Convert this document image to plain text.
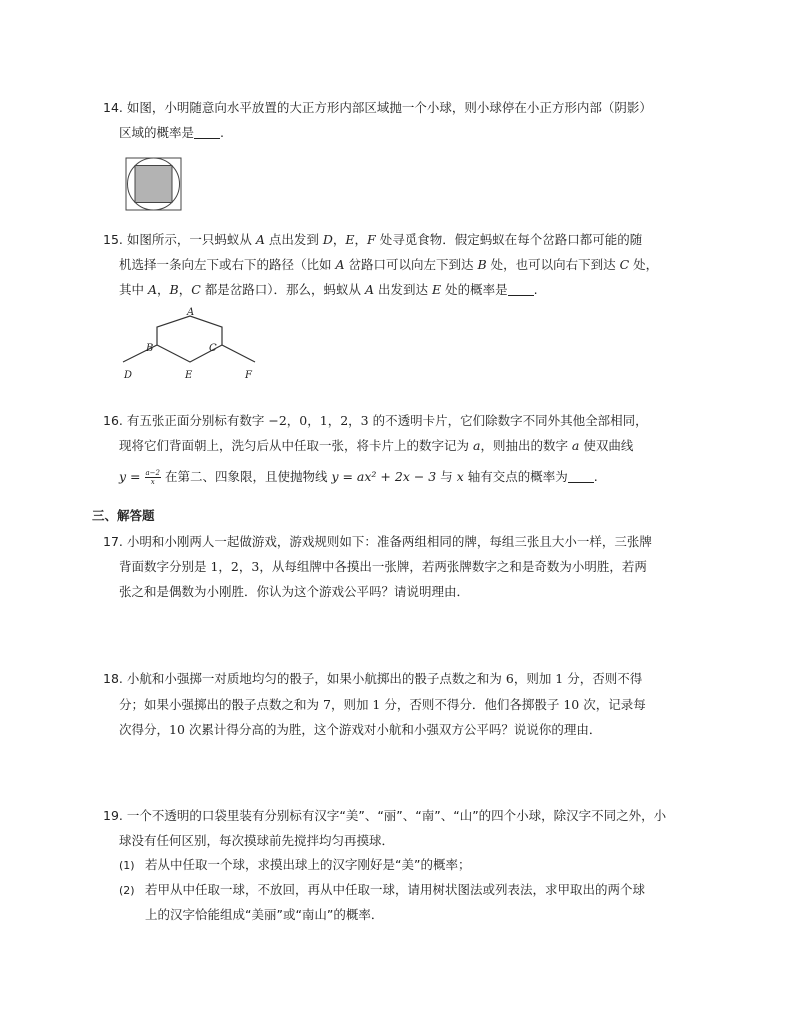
14. 如图，小明随意向水平放置的大正方形内部区域抛一个小球，则小球停在小正方形内部（阴影）
区域的概率是 .
15. 如图所示，一只蚂蚁从 A 点出发到 D，E，F 处寻觅食物．假定蚂蚁在每个岔路口都可能的随
机选择一条向左下或右下的路径（比如 A 岔路口可以向左下到达 B 处，也可以向右下到达 C 处，
其中 A，B，C 都是岔路口）．那么，蚂蚁从 A 出发到达 E 处的概率是 .
A
B	C
D	E	F
16. 有五张正面分别标有数字 −2，0，1，2，3 的不透明卡片，它们除数字不同外其他全部相同，
现将它们背面朝上，洗匀后从中任取一张，将卡片上的数字记为 a，则抽出的数字 a 使双曲线
$y = \frac{a-2}{x}$ 在第二、四象限，且使抛物线 y = ax² + 2x − 3 与 x 轴有交点的概率为 .
三、解答题
17. 小明和小刚两人一起做游戏，游戏规则如下：准备两组相同的牌，每组三张且大小一样，三张牌
背面数字分别是 1，2，3，从每组牌中各摸出一张牌，若两张牌数字之和是奇数为小明胜，若两
张之和是偶数为小刚胜．你认为这个游戏公平吗？请说明理由．
18. 小航和小强掷一对质地均匀的骰子，如果小航掷出的骰子点数之和为 6，则加 1 分，否则不得
分；如果小强掷出的骰子点数之和为 7，则加 1 分，否则不得分．他们各掷骰子 10 次，记录每
次得分，10 次累计得分高的为胜，这个游戏对小航和小强双方公平吗？说说你的理由．
19. 一个不透明的口袋里装有分别标有汉字“美”、“丽”、“南”、“山”的四个小球，除汉字不同之外，小
球没有任何区别，每次摸球前先搅拌均匀再摸球．
(1) 若从中任取一个球，求摸出球上的汉字刚好是“美”的概率；
(2) 若甲从中任取一球，不放回，再从中任取一球，请用树状图法或列表法，求甲取出的两个球
上的汉字恰能组成“美丽”或“南山”的概率．
